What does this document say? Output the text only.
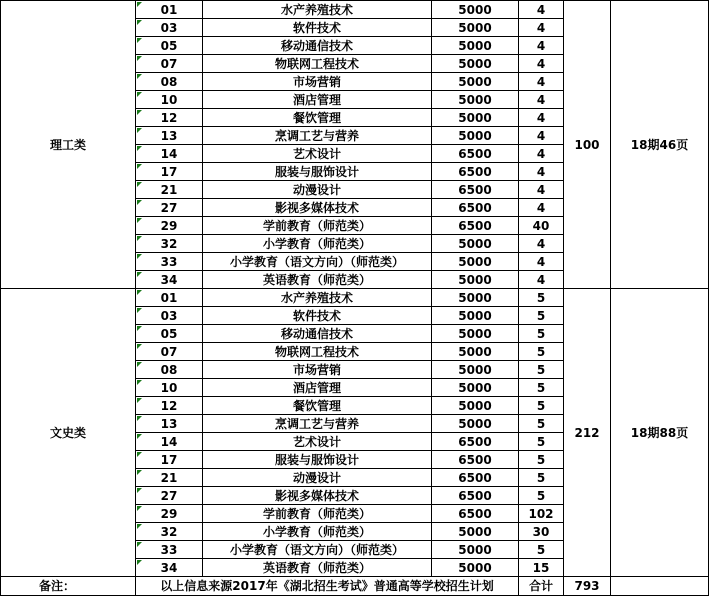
理工类	01	水产养殖技术	5000	4	100	18期46页
	03	软件技术	5000	4		
	05	移动通信技术	5000	4		
	07	物联网工程技术	5000	4		
	08	市场营销	5000	4		
	10	酒店管理	5000	4		
	12	餐饮管理	5000	4		
	13	烹调工艺与营养	5000	4		
	14	艺术设计	6500	4		
	17	服装与服饰设计	6500	4		
	21	动漫设计	6500	4		
	27	影视多媒体技术	6500	4		
	29	学前教育（师范类）	6500	40		
	32	小学教育（师范类）	5000	4		
	33	小学教育（语文方向）（师范类）	5000	4		
	34	英语教育（师范类）	5000	4		
文史类	01	水产养殖技术	5000	5	212	18期88页
	03	软件技术	5000	5		
	05	移动通信技术	5000	5		
	07	物联网工程技术	5000	5		
	08	市场营销	5000	5		
	10	酒店管理	5000	5		
	12	餐饮管理	5000	5		
	13	烹调工艺与营养	5000	5		
	14	艺术设计	6500	5		
	17	服装与服饰设计	6500	5		
	21	动漫设计	6500	5		
	27	影视多媒体技术	6500	5		
	29	学前教育（师范类）	6500	102		
	32	小学教育（师范类）	5000	30		
	33	小学教育（语文方向）（师范类）	5000	5		
	34	英语教育（师范类）	5000	15		
备注：	以上信息来源2017年《湖北招生考试》普通高等学校招生计划			合计	793	
